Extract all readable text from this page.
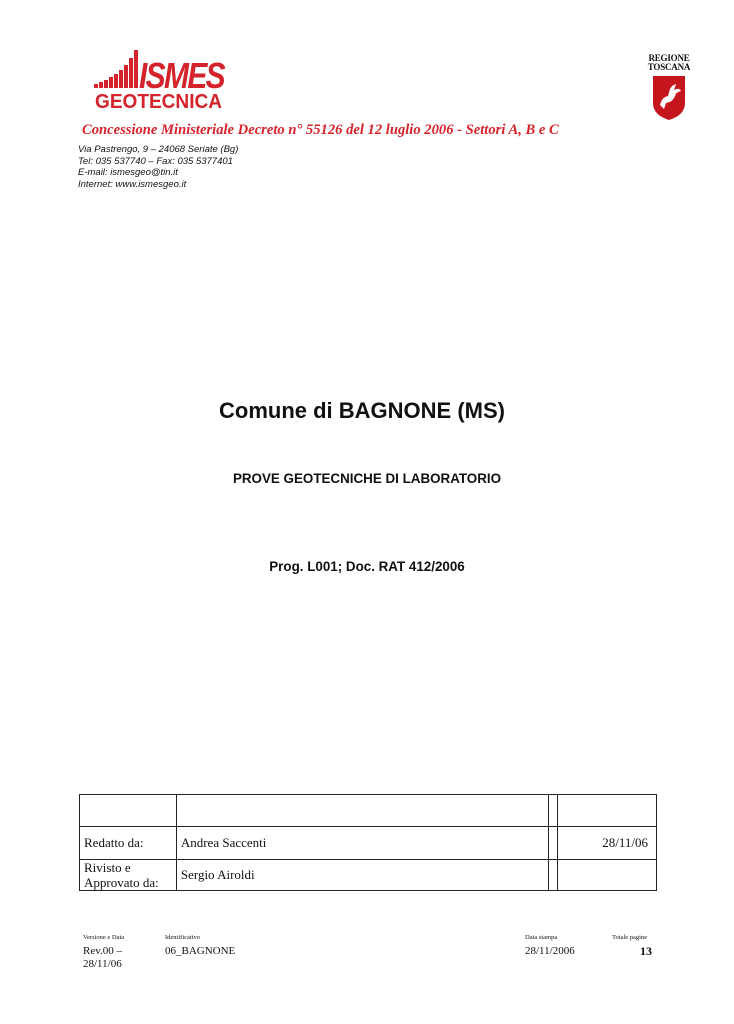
ISMES
GEOTECNICA
REGIONE
TOSCANA
Concessione Ministeriale Decreto n° 55126 del 12 luglio 2006 - Settori A, B e C
Via Pastrengo, 9 – 24068 Seriate (Bg)
Tel: 035 537740 – Fax: 035 5377401
E-mail: ismesgeo@tin.it
Internet: www.ismesgeo.it
Comune di BAGNONE (MS)
PROVE GEOTECNICHE DI LABORATORIO
Prog. L001; Doc. RAT 412/2006

Redatto da:	Andrea Saccenti		28/11/06
Rivisto e Approvato da:	Sergio Airoldi		
Versione e Data
Rev.00 – 28/11/06
Identificativo
06_BAGNONE
Data stampa
28/11/2006
Totale pagine
13
